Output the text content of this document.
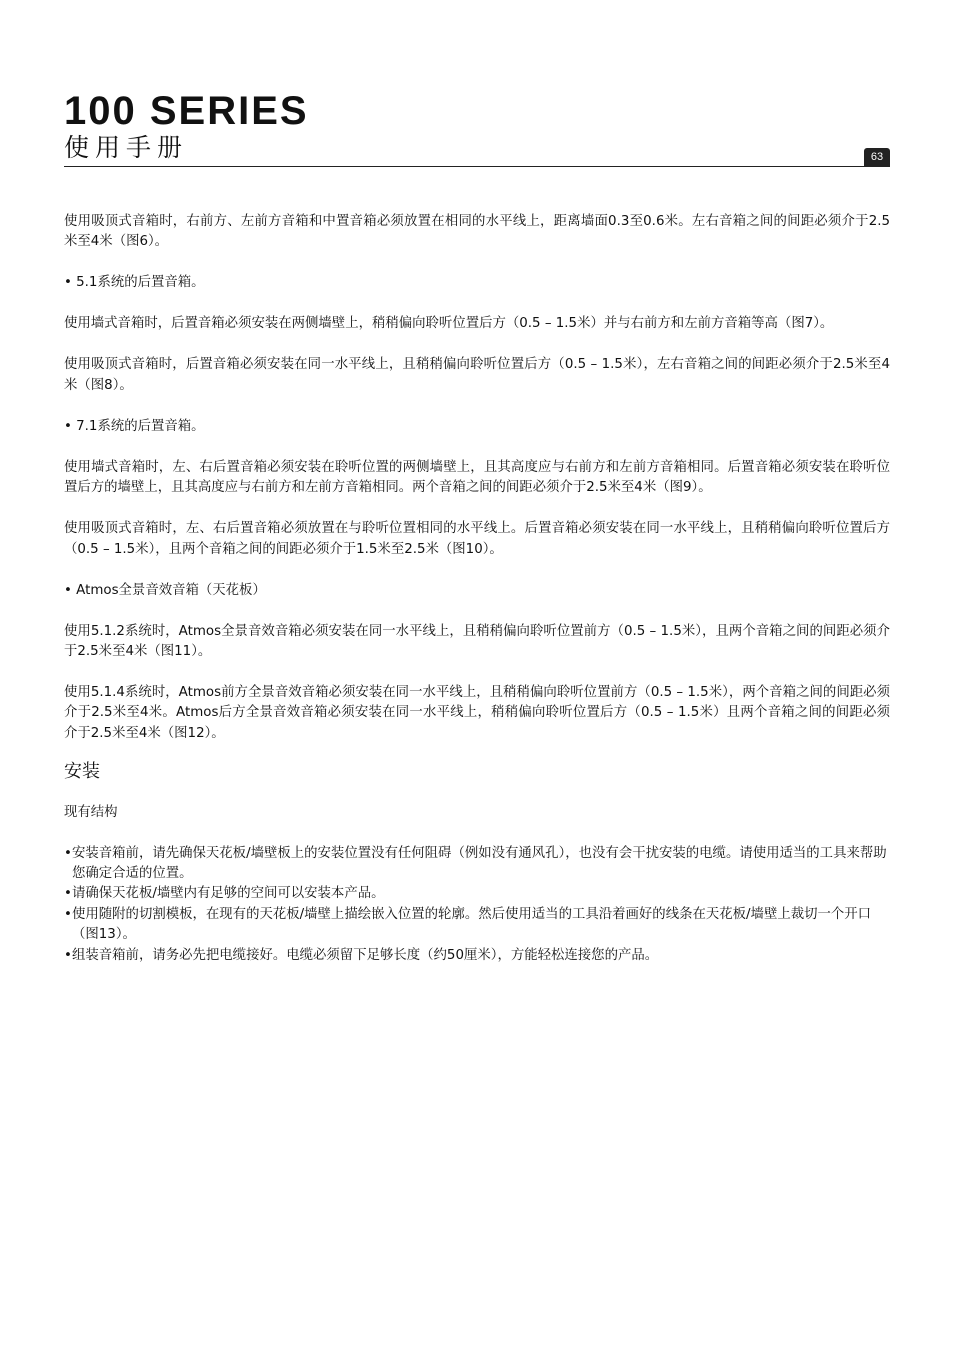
100 SERIES
使用手册	63

使用吸顶式音箱时，右前方、左前方音箱和中置音箱必须放置在相同的水平线上，距离墙面0.3至0.6米。左右音箱之间的间距必须介于2.5米至4米（图6）。

• 5.1系统的后置音箱。

使用墙式音箱时，后置音箱必须安装在两侧墙壁上，稍稍偏向聆听位置后方（0.5 – 1.5米）并与右前方和左前方音箱等高（图7）。

使用吸顶式音箱时，后置音箱必须安装在同一水平线上，且稍稍偏向聆听位置后方（0.5 – 1.5米），左右音箱之间的间距必须介于2.5米至4米（图8）。

• 7.1系统的后置音箱。

使用墙式音箱时，左、右后置音箱必须安装在聆听位置的两侧墙壁上，且其高度应与右前方和左前方音箱相同。后置音箱必须安装在聆听位置后方的墙壁上，且其高度应与右前方和左前方音箱相同。两个音箱之间的间距必须介于2.5米至4米（图9）。

使用吸顶式音箱时，左、右后置音箱必须放置在与聆听位置相同的水平线上。后置音箱必须安装在同一水平线上，且稍稍偏向聆听位置后方（0.5 – 1.5米），且两个音箱之间的间距必须介于1.5米至2.5米（图10）。

• Atmos全景音效音箱（天花板）

使用5.1.2系统时，Atmos全景音效音箱必须安装在同一水平线上，且稍稍偏向聆听位置前方（0.5 – 1.5米），且两个音箱之间的间距必须介于2.5米至4米（图11）。

使用5.1.4系统时，Atmos前方全景音效音箱必须安装在同一水平线上，且稍稍偏向聆听位置前方（0.5 – 1.5米），两个音箱之间的间距必须介于2.5米至4米。Atmos后方全景音效音箱必须安装在同一水平线上，稍稍偏向聆听位置后方（0.5 – 1.5米）且两个音箱之间的间距必须介于2.5米至4米（图12）。

安装
现有结构
• 安装音箱前，请先确保天花板/墙壁板上的安装位置没有任何阻碍（例如没有通风孔），也没有会干扰安装的电缆。请使用适当的工具来帮助您确定合适的位置。
• 请确保天花板/墙壁内有足够的空间可以安装本产品。
• 使用随附的切割模板，在现有的天花板/墙壁上描绘嵌入位置的轮廓。然后使用适当的工具沿着画好的线条在天花板/墙壁上裁切一个开口（图13）。
• 组装音箱前，请务必先把电缆接好。电缆必须留下足够长度（约50厘米），方能轻松连接您的产品。
